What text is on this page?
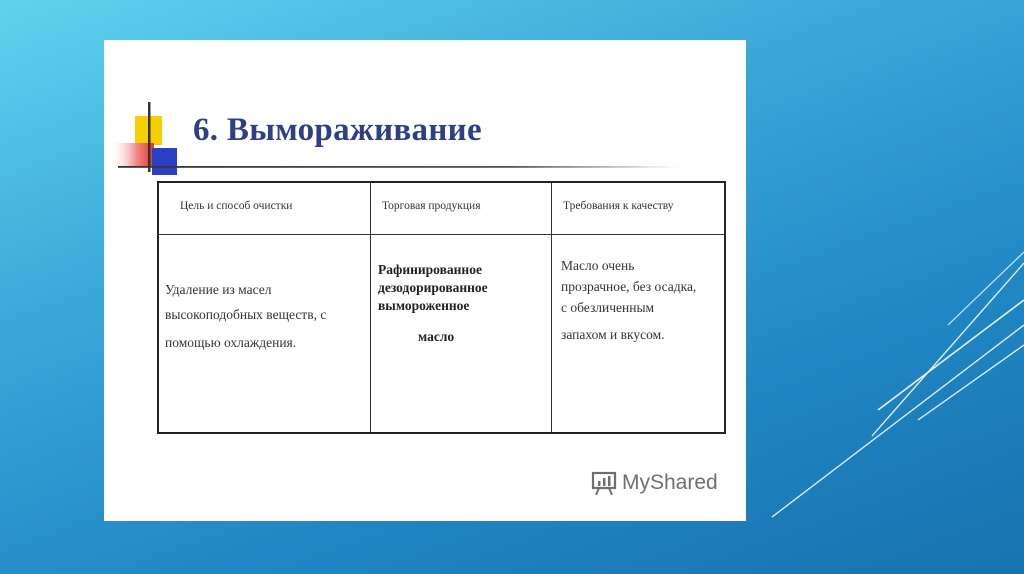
6. Вымораживание
Цель и способ очистки	Торговая продукция	Требования к качеству
Удаление из масел
высокоподобных веществ, с
помощью охлаждения.
Рафинированное
дезодорированное
вымороженное
масло
Масло очень
прозрачное, без осадка,
с обезличенным
запахом и вкусом.
MyShared
